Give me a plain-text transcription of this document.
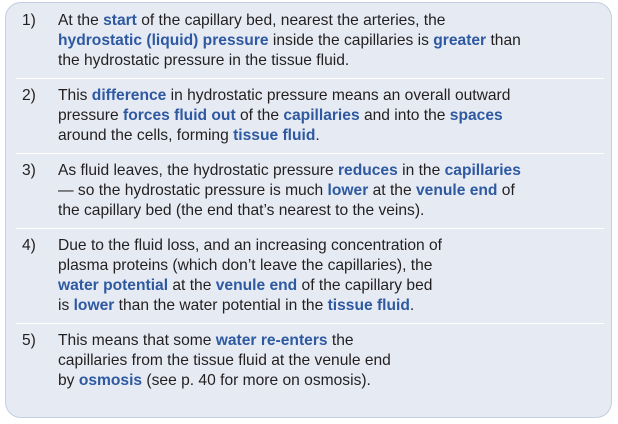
1)	At the start of the capillary bed, nearest the arteries, the
hydrostatic (liquid) pressure inside the capillaries is greater than
the hydrostatic pressure in the tissue fluid.
2)	This difference in hydrostatic pressure means an overall outward
pressure forces fluid out of the capillaries and into the spaces
around the cells, forming tissue fluid.
3)	As fluid leaves, the hydrostatic pressure reduces in the capillaries
— so the hydrostatic pressure is much lower at the venule end of
the capillary bed (the end that’s nearest to the veins).
4)	Due to the fluid loss, and an increasing concentration of
plasma proteins (which don’t leave the capillaries), the
water potential at the venule end of the capillary bed
is lower than the water potential in the tissue fluid.
5)	This means that some water re-enters the
capillaries from the tissue fluid at the venule end
by osmosis (see p. 40 for more on osmosis).
